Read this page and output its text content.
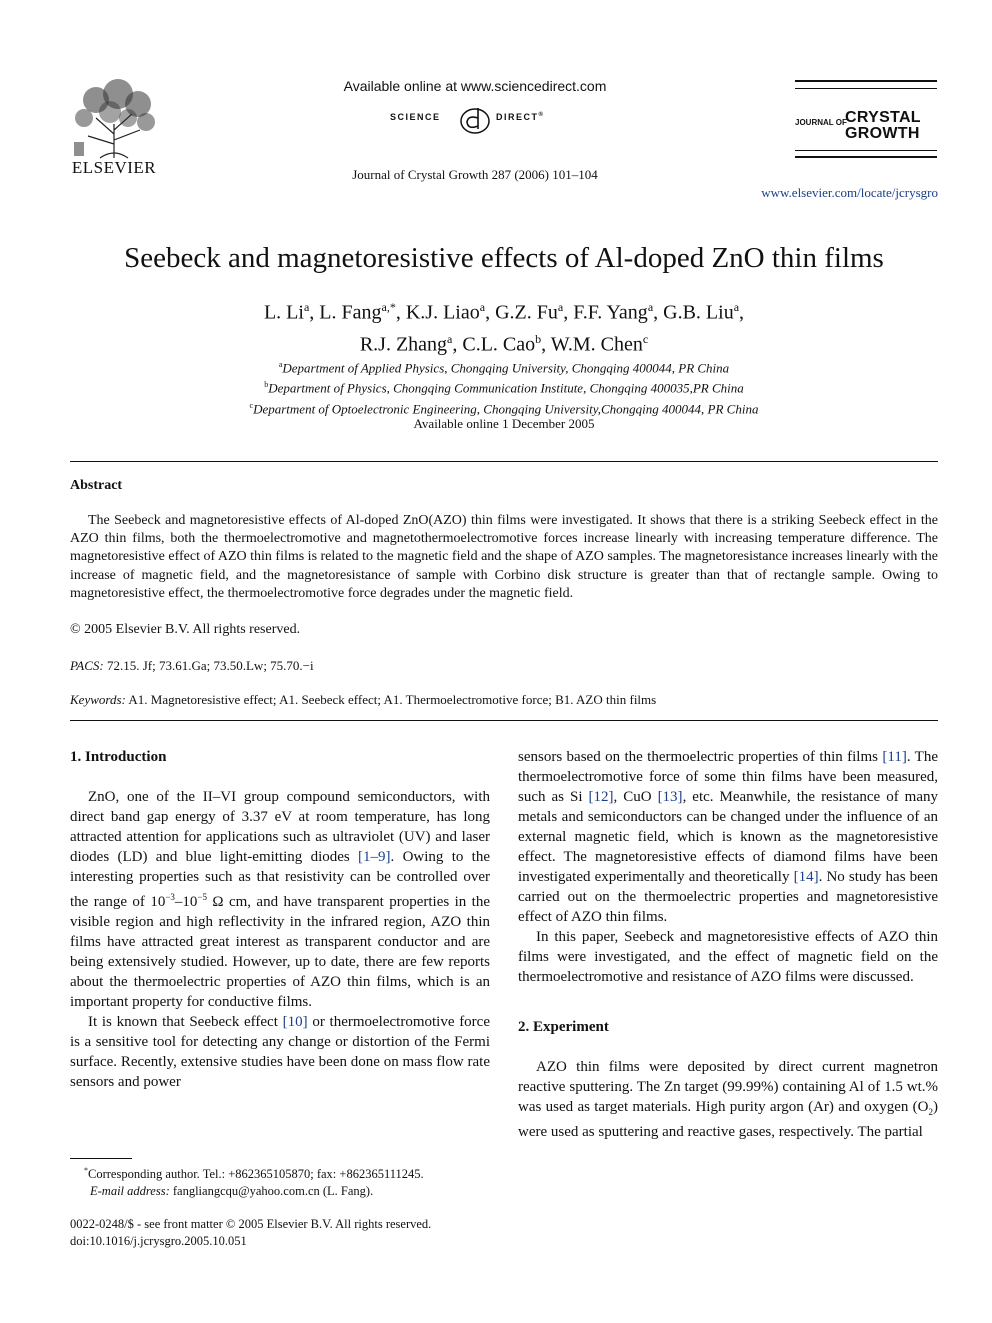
ELSEVIER
Available online at www.sciencedirect.com
SCIENCE	DIRECT®
Journal of Crystal Growth 287 (2006) 101–104
JOURNAL OF
CRYSTAL
GROWTH
www.elsevier.com/locate/jcrysgro
Seebeck and magnetoresistive effects of Al-doped ZnO thin films
L. Li$^a$, L. Fang$^{a,*}$, K.J. Liao$^a$, G.Z. Fu$^a$, F.F. Yang$^a$, G.B. Liu$^a$,
R.J. Zhang$^a$, C.L. Cao$^b$, W.M. Chen$^c$
$^a$Department of Applied Physics, Chongqing University, Chongqing 400044, PR China
$^b$Department of Physics, Chongqing Communication Institute, Chongqing 400035,PR China
$^c$Department of Optoelectronic Engineering, Chongqing University,Chongqing 400044, PR China
Available online 1 December 2005
Abstract
The Seebeck and magnetoresistive effects of Al-doped ZnO(AZO) thin films were investigated. It shows that there is a striking Seebeck effect in the AZO thin films, both the thermoelectromotive and magnetothermoelectromotive forces increase linearly with increasing temperature difference. The magnetoresistive effect of AZO thin films is related to the magnetic field and the shape of AZO samples. The magnetoresistance increases linearly with the increase of magnetic field, and the magnetoresistance of sample with Corbino disk structure is greater than that of rectangle sample. Owing to magnetoresistive effect, the thermoelectromotive force degrades under the magnetic field.
© 2005 Elsevier B.V. All rights reserved.
PACS: 72.15. Jf; 73.61.Ga; 73.50.Lw; 75.70.−i
Keywords: A1. Magnetoresistive effect; A1. Seebeck effect; A1. Thermoelectromotive force; B1. AZO thin films
1. Introduction

ZnO, one of the II–VI group compound semiconductors, with direct band gap energy of 3.37 eV at room temperature, has long attracted attention for applications such as ultraviolet (UV) and laser diodes (LD) and blue light-emitting diodes [1–9]. Owing to the interesting properties such as that resistivity can be controlled over the range of $10^{-3}-10^{-5}$ Ω cm, and have transparent properties in the visible region and high reflectivity in the infrared region, AZO thin films have attracted great interest as transparent conductor and are being extensively studied. However, up to date, there are few reports about the thermoelectric properties of AZO thin films, which is an important property for conductive films.

It is known that Seebeck effect [10] or thermoelectromotive force is a sensitive tool for detecting any change or distortion of the Fermi surface. Recently, extensive studies have been done on mass flow rate sensors and power

*Corresponding author. Tel.: +862365105870; fax: +862365111245.
E-mail address: fangliangcqu@yahoo.com.cn (L. Fang).
0022-0248/$ - see front matter © 2005 Elsevier B.V. All rights reserved.
doi:10.1016/j.jcrysgro.2005.10.051

sensors based on the thermoelectric properties of thin films [11]. The thermoelectromotive force of some thin films have been measured, such as Si [12], CuO [13], etc. Meanwhile, the resistance of many metals and semiconductors can be changed under the influence of an external magnetic field, which is known as the magnetoresistive effect. The magnetoresistive effects of diamond films have been investigated experimentally and theoretically [14]. No study has been carried out on the thermoelectric properties and magnetoresistive effect of AZO thin films.

In this paper, Seebeck and magnetoresistive effects of AZO thin films were investigated, and the effect of magnetic field on the thermoelectromotive and resistance of AZO films were discussed.

2. Experiment

AZO thin films were deposited by direct current magnetron reactive sputtering. The Zn target (99.99%) containing Al of 1.5 wt.% was used as target materials. High purity argon (Ar) and oxygen $(O_2)$ were used as sputtering and reactive gases, respectively. The partial
